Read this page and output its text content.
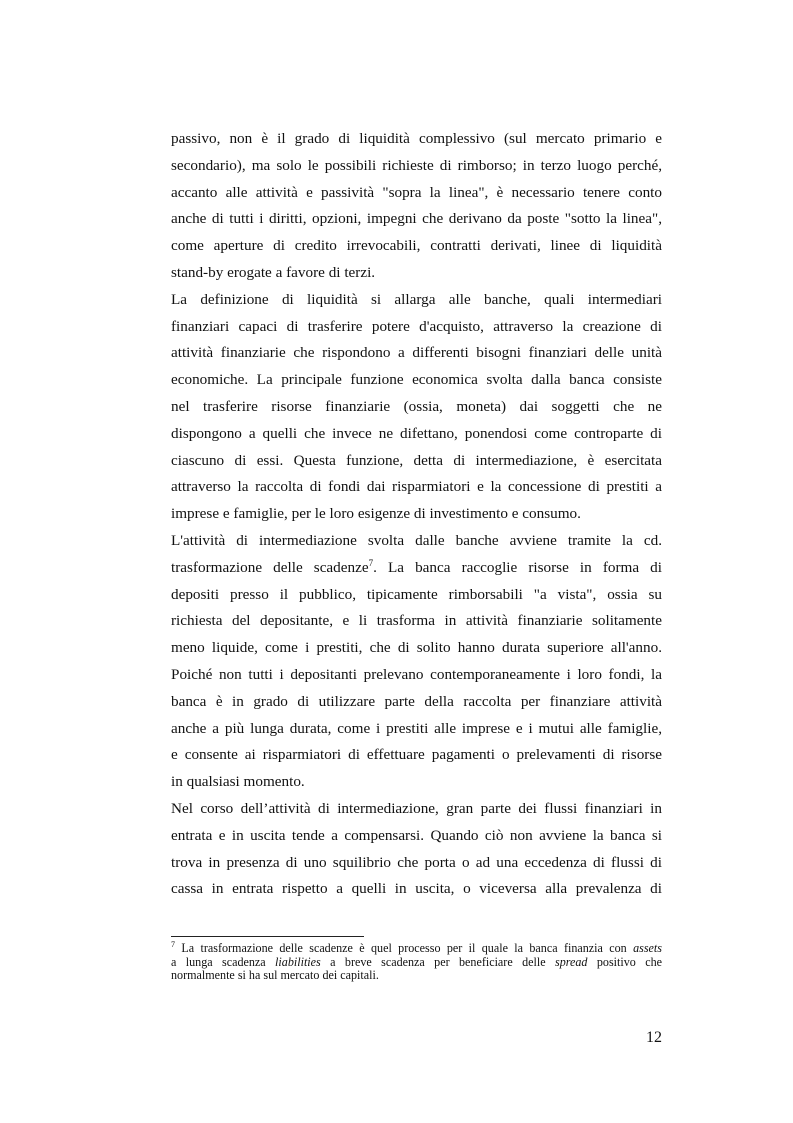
passivo, non è il grado di liquidità complessivo (sul mercato primario e
secondario), ma solo le possibili richieste di rimborso; in terzo luogo perché,
accanto alle attività e passività "sopra la linea", è necessario tenere conto
anche di tutti i diritti, opzioni, impegni che derivano da poste "sotto la linea",
come aperture di credito irrevocabili, contratti derivati, linee di liquidità
stand-by erogate a favore di terzi.
La definizione di liquidità si allarga alle banche, quali intermediari
finanziari capaci di trasferire potere d'acquisto, attraverso la creazione di
attività finanziarie che rispondono a differenti bisogni finanziari delle unità
economiche. La principale funzione economica svolta dalla banca consiste
nel trasferire risorse finanziarie (ossia, moneta) dai soggetti che ne
dispongono a quelli che invece ne difettano, ponendosi come controparte di
ciascuno di essi. Questa funzione, detta di intermediazione, è esercitata
attraverso la raccolta di fondi dai risparmiatori e la concessione di prestiti a
imprese e famiglie, per le loro esigenze di investimento e consumo.
L'attività di intermediazione svolta dalle banche avviene tramite la cd.
trasformazione delle scadenze$^7$. La banca raccoglie risorse in forma di
depositi presso il pubblico, tipicamente rimborsabili "a vista", ossia su
richiesta del depositante, e li trasforma in attività finanziarie solitamente
meno liquide, come i prestiti, che di solito hanno durata superiore all'anno.
Poiché non tutti i depositanti prelevano contemporaneamente i loro fondi, la
banca è in grado di utilizzare parte della raccolta per finanziare attività
anche a più lunga durata, come i prestiti alle imprese e i mutui alle famiglie,
e consente ai risparmiatori di effettuare pagamenti o prelevamenti di risorse
in qualsiasi momento.
Nel corso dell’attività di intermediazione, gran parte dei flussi finanziari in
entrata e in uscita tende a compensarsi. Quando ciò non avviene la banca si
trova in presenza di uno squilibrio che porta o ad una eccedenza di flussi di
cassa in entrata rispetto a quelli in uscita, o viceversa alla prevalenza di
$^7$ La trasformazione delle scadenze è quel processo per il quale la banca finanzia con assets
a lunga scadenza liabilities a breve scadenza per beneficiare delle spread positivo che
normalmente si ha sul mercato dei capitali.
12
